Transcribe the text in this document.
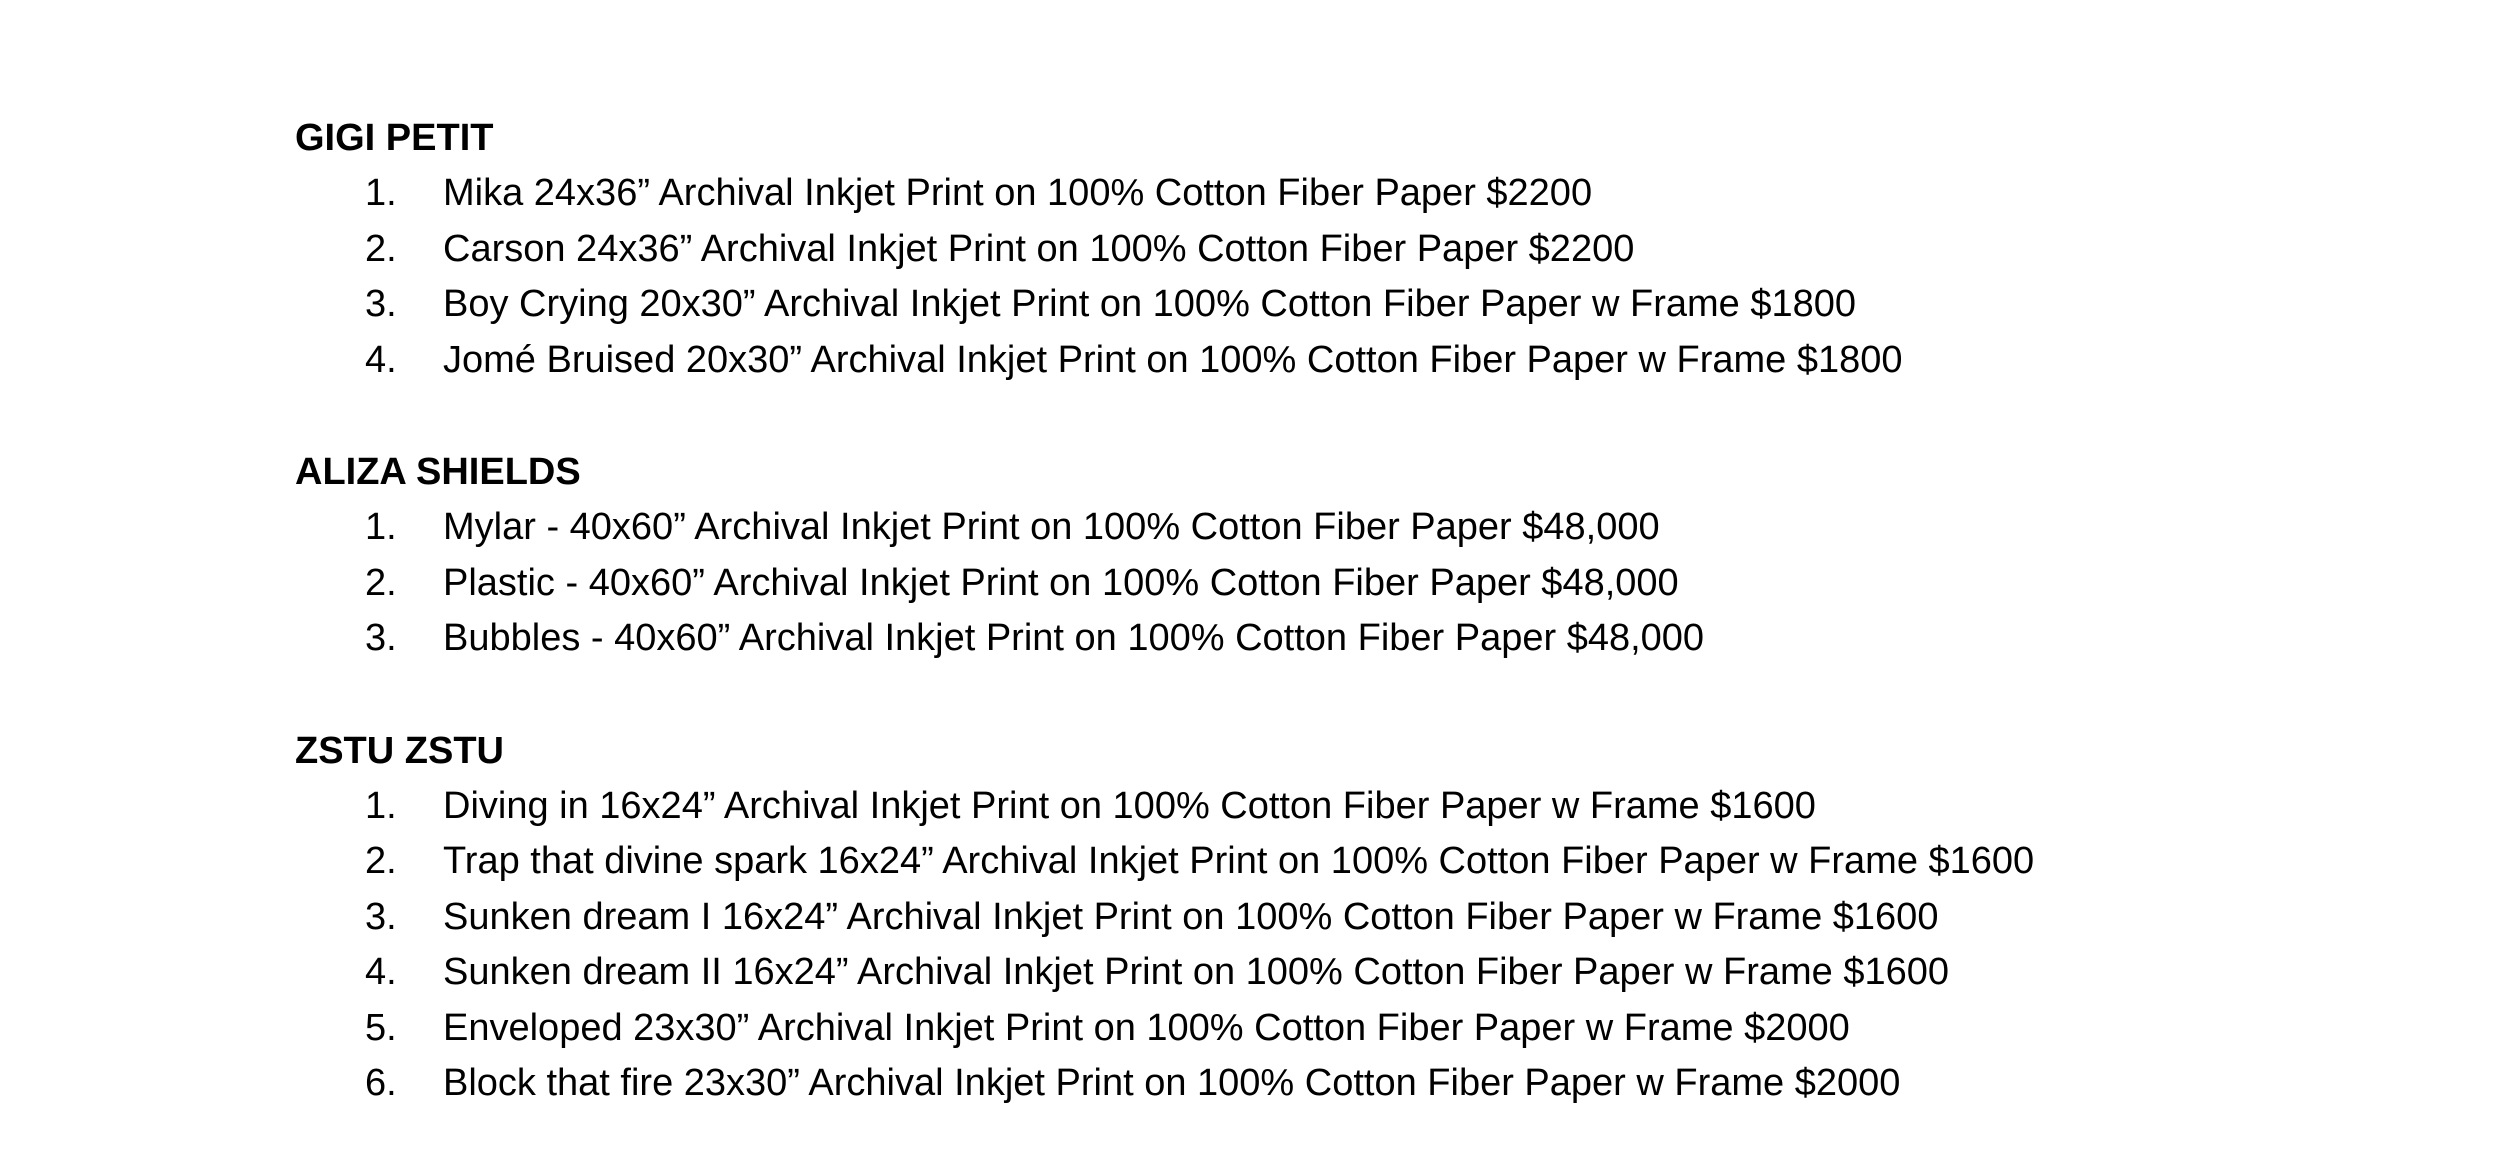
GIGI PETIT
1.	Mika 24x36” Archival Inkjet Print on 100% Cotton Fiber Paper $2200
2.	Carson 24x36” Archival Inkjet Print on 100% Cotton Fiber Paper $2200
3.	Boy Crying 20x30” Archival Inkjet Print on 100% Cotton Fiber Paper w Frame $1800
4.	Jomé Bruised 20x30” Archival Inkjet Print on 100% Cotton Fiber Paper w Frame $1800
ALIZA SHIELDS
1.	Mylar - 40x60” Archival Inkjet Print on 100% Cotton Fiber Paper $48,000
2.	Plastic - 40x60” Archival Inkjet Print on 100% Cotton Fiber Paper $48,000
3.	Bubbles - 40x60” Archival Inkjet Print on 100% Cotton Fiber Paper $48,000
ZSTU ZSTU
1.	Diving in 16x24” Archival Inkjet Print on 100% Cotton Fiber Paper w Frame $1600
2.	Trap that divine spark 16x24” Archival Inkjet Print on 100% Cotton Fiber Paper w Frame $1600
3.	Sunken dream I 16x24” Archival Inkjet Print on 100% Cotton Fiber Paper w Frame $1600
4.	Sunken dream II 16x24” Archival Inkjet Print on 100% Cotton Fiber Paper w Frame $1600
5.	Enveloped 23x30” Archival Inkjet Print on 100% Cotton Fiber Paper w Frame $2000
6.	Block that fire 23x30” Archival Inkjet Print on 100% Cotton Fiber Paper w Frame $2000
